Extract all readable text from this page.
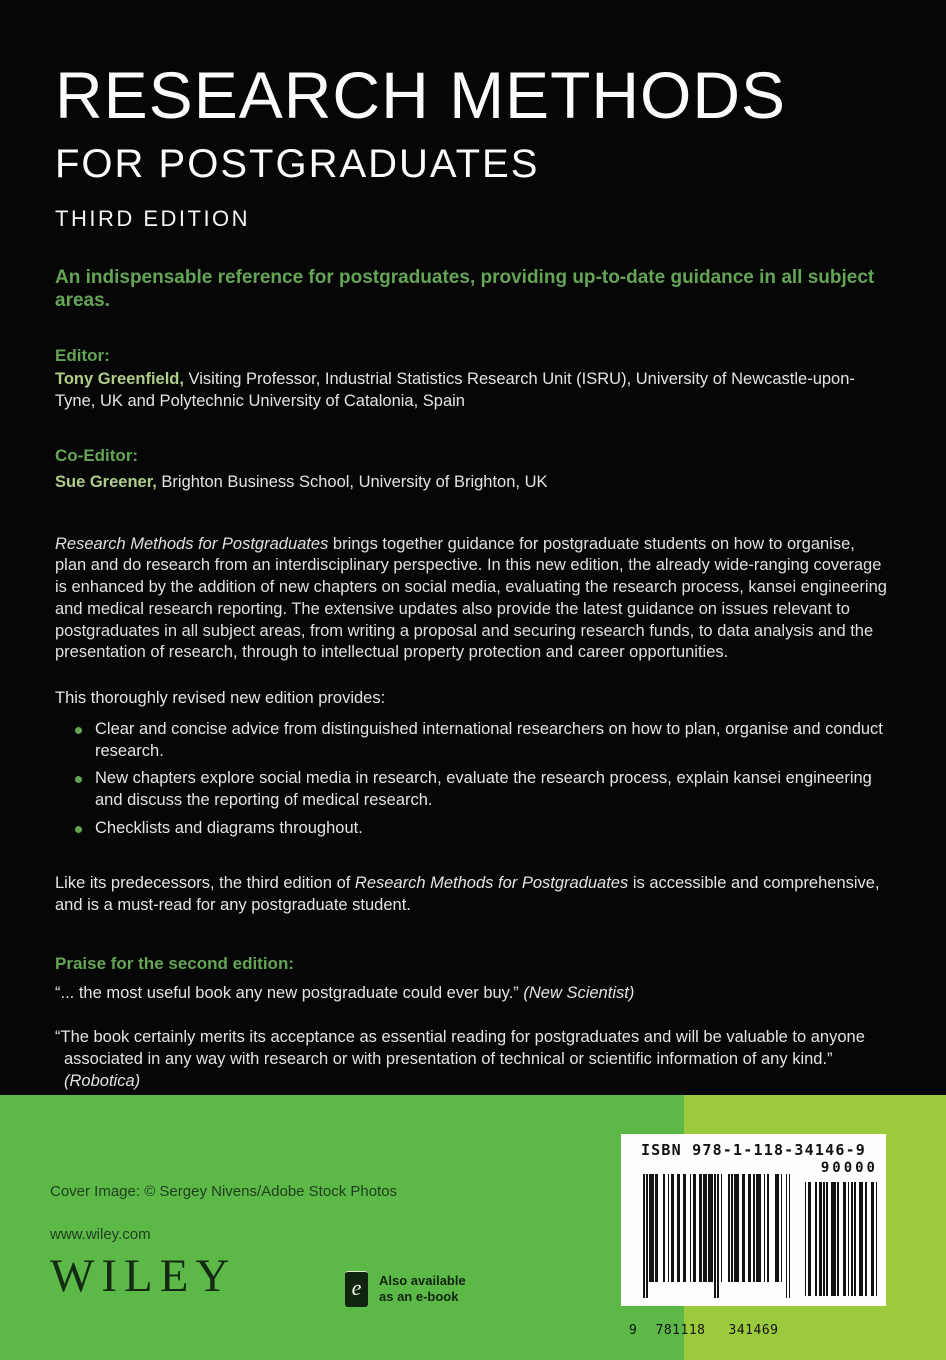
RESEARCH METHODS
FOR POSTGRADUATES
THIRD EDITION

An indispensable reference for postgraduates, providing up-to-date guidance in all subject areas.

Editor:

Tony Greenfield, Visiting Professor, Industrial Statistics Research Unit (ISRU), University of Newcastle-upon-Tyne, UK and Polytechnic University of Catalonia, Spain

Co-Editor:

Sue Greener, Brighton Business School, University of Brighton, UK

Research Methods for Postgraduates brings together guidance for postgraduate students on how to organise, plan and do research from an interdisciplinary perspective. In this new edition, the already wide-ranging coverage is enhanced by the addition of new chapters on social media, evaluating the research process, kansei engineering and medical research reporting. The extensive updates also provide the latest guidance on issues relevant to postgraduates in all subject areas, from writing a proposal and securing research funds, to data analysis and the presentation of research, through to intellectual property protection and career opportunities.

This thoroughly revised new edition provides:

Clear and concise advice from distinguished international researchers on how to plan, organise and conduct research.
New chapters explore social media in research, evaluate the research process, explain kansei engineering and discuss the reporting of medical research.
Checklists and diagrams throughout.

Like its predecessors, the third edition of Research Methods for Postgraduates is accessible and comprehensive, and is a must-read for any postgraduate student.

Praise for the second edition:

“... the most useful book any new postgraduate could ever buy.” (New Scientist)

“The book certainly merits its acceptance as essential reading for postgraduates and will be valuable to anyone associated in any way with research or with presentation of technical or scientific information of any kind.” (Robotica)

Cover Image: © Sergey Nivens/Adobe Stock Photos
www.wiley.com
WILEY	e	Also available
as an e-book
ISBN 978-1-118-34146-9
9	781118	341469
90000
